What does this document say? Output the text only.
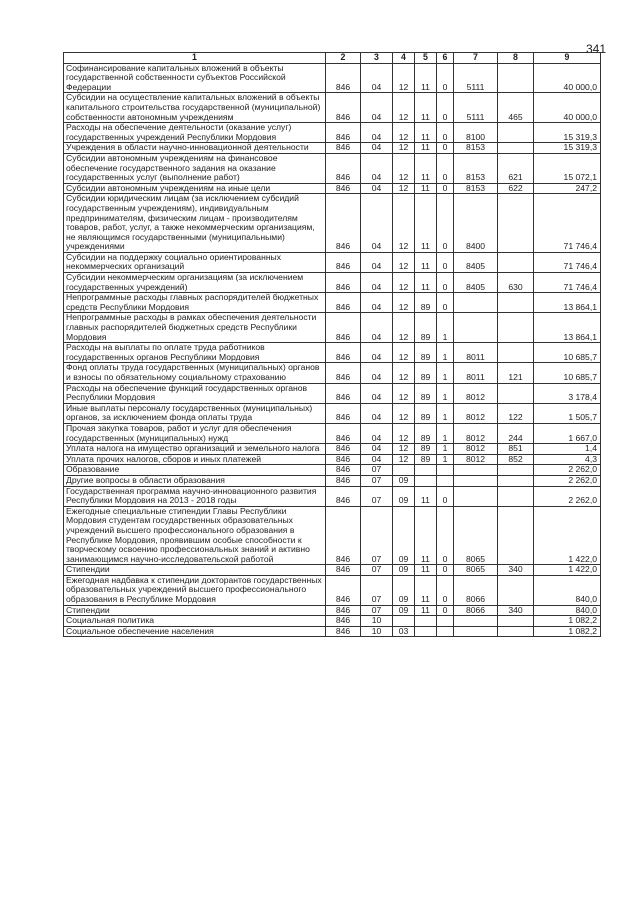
341
1	2	3	4	5	6	7	8	9
Софинансирование капитальных вложений в объекты государственной собственности субъектов Российской Федерации	846	04	12	11	0	5111		40 000,0
Субсидии на осуществление капитальных вложений в объекты капитального строительства государственной (муниципальной) собственности автономным учреждениям	846	04	12	11	0	5111	465	40 000,0
Расходы на обеспечение деятельности (оказание услуг) государственных учреждений Республики Мордовия	846	04	12	11	0	8100		15 319,3
Учреждения в области научно-инновационной деятельности	846	04	12	11	0	8153		15 319,3
Субсидии автономным учреждениям на финансовое обеспечение государственного задания на оказание государственных услуг (выполнение работ)	846	04	12	11	0	8153	621	15 072,1
Субсидии автономным учреждениям на иные цели	846	04	12	11	0	8153	622	247,2
Субсидии юридическим лицам (за исключением субсидий государственным учреждениям), индивидуальным предпринимателям, физическим лицам - производителям товаров, работ, услуг, а также некоммерческим организациям, не являющимся государственными (муниципальными) учреждениями	846	04	12	11	0	8400		71 746,4
Субсидии на поддержку социально ориентированных некоммерческих организаций	846	04	12	11	0	8405		71 746,4
Субсидии некоммерческим организациям (за исключением государственных учреждений)	846	04	12	11	0	8405	630	71 746,4
Непрограммные расходы главных распорядителей бюджетных средств Республики Мордовия	846	04	12	89	0			13 864,1
Непрограммные расходы в рамках обеспечения деятельности главных распорядителей бюджетных средств Республики Мордовия	846	04	12	89	1			13 864,1
Расходы на выплаты по оплате труда работников государственных органов Республики Мордовия	846	04	12	89	1	8011		10 685,7
Фонд оплаты труда государственных (муниципальных) органов и взносы по обязательному социальному страхованию	846	04	12	89	1	8011	121	10 685,7
Расходы на обеспечение функций государственных органов Республики Мордовия	846	04	12	89	1	8012		3 178,4
Иные выплаты персоналу государственных (муниципальных) органов, за исключением фонда оплаты труда	846	04	12	89	1	8012	122	1 505,7
Прочая закупка товаров, работ и услуг для обеспечения государственных (муниципальных) нужд	846	04	12	89	1	8012	244	1 667,0
Уплата налога на имущество организаций и земельного налога	846	04	12	89	1	8012	851	1,4
Уплата прочих налогов, сборов и иных платежей	846	04	12	89	1	8012	852	4,3
Образование	846	07						2 262,0
Другие вопросы в области образования	846	07	09					2 262,0
Государственная программа научно-инновационного развития Республики Мордовия на 2013 - 2018 годы	846	07	09	11	0			2 262,0
Ежегодные специальные стипендии Главы Республики Мордовия студентам государственных образовательных учреждений высшего профессионального образования в Республике Мордовия, проявившим особые способности к творческому освоению профессиональных знаний и активно занимающимся научно-исследовательской работой	846	07	09	11	0	8065		1 422,0
Стипендии	846	07	09	11	0	8065	340	1 422,0
Ежегодная надбавка к стипендии докторантов государственных образовательных учреждений высшего профессионального образования в Республике Мордовия	846	07	09	11	0	8066		840,0
Стипендии	846	07	09	11	0	8066	340	840,0
Социальная политика	846	10						1 082,2
Социальное обеспечение населения	846	10	03					1 082,2
